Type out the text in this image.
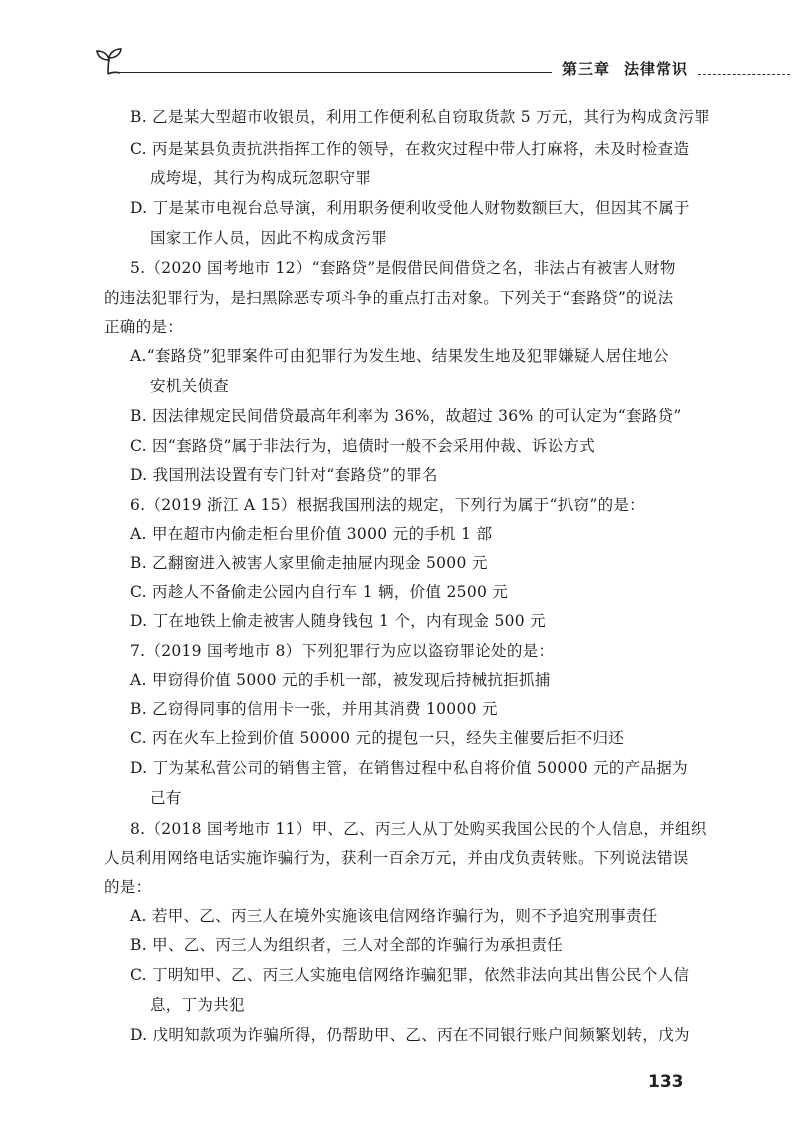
第三章 法律常识
B. 乙是某大型超市收银员，利用工作便利私自窃取货款 5 万元，其行为构成贪污罪
C. 丙是某县负责抗洪指挥工作的领导，在救灾过程中带人打麻将，未及时检查造
成垮堤，其行为构成玩忽职守罪
D. 丁是某市电视台总导演，利用职务便利收受他人财物数额巨大，但因其不属于
国家工作人员，因此不构成贪污罪
5.（2020 国考地市 12）“套路贷”是假借民间借贷之名，非法占有被害人财物
的违法犯罪行为，是扫黑除恶专项斗争的重点打击对象。下列关于“套路贷”的说法
正确的是：
A.“套路贷”犯罪案件可由犯罪行为发生地、结果发生地及犯罪嫌疑人居住地公
安机关侦查
B. 因法律规定民间借贷最高年利率为 36%，故超过 36% 的可认定为“套路贷”
C. 因“套路贷”属于非法行为，追债时一般不会采用仲裁、诉讼方式
D. 我国刑法设置有专门针对“套路贷”的罪名
6.（2019 浙江 A 15）根据我国刑法的规定，下列行为属于“扒窃”的是：
A. 甲在超市内偷走柜台里价值 3000 元的手机 1 部
B. 乙翻窗进入被害人家里偷走抽屉内现金 5000 元
C. 丙趁人不备偷走公园内自行车 1 辆，价值 2500 元
D. 丁在地铁上偷走被害人随身钱包 1 个，内有现金 500 元
7.（2019 国考地市 8）下列犯罪行为应以盗窃罪论处的是：
A. 甲窃得价值 5000 元的手机一部，被发现后持械抗拒抓捕
B. 乙窃得同事的信用卡一张，并用其消费 10000 元
C. 丙在火车上捡到价值 50000 元的提包一只，经失主催要后拒不归还
D. 丁为某私营公司的销售主管，在销售过程中私自将价值 50000 元的产品据为
己有
8.（2018 国考地市 11）甲、乙、丙三人从丁处购买我国公民的个人信息，并组织
人员利用网络电话实施诈骗行为，获利一百余万元，并由戊负责转账。下列说法错误
的是：
A. 若甲、乙、丙三人在境外实施该电信网络诈骗行为，则不予追究刑事责任
B. 甲、乙、丙三人为组织者，三人对全部的诈骗行为承担责任
C. 丁明知甲、乙、丙三人实施电信网络诈骗犯罪，依然非法向其出售公民个人信
息，丁为共犯
D. 戊明知款项为诈骗所得，仍帮助甲、乙、丙在不同银行账户间频繁划转，戊为
133
